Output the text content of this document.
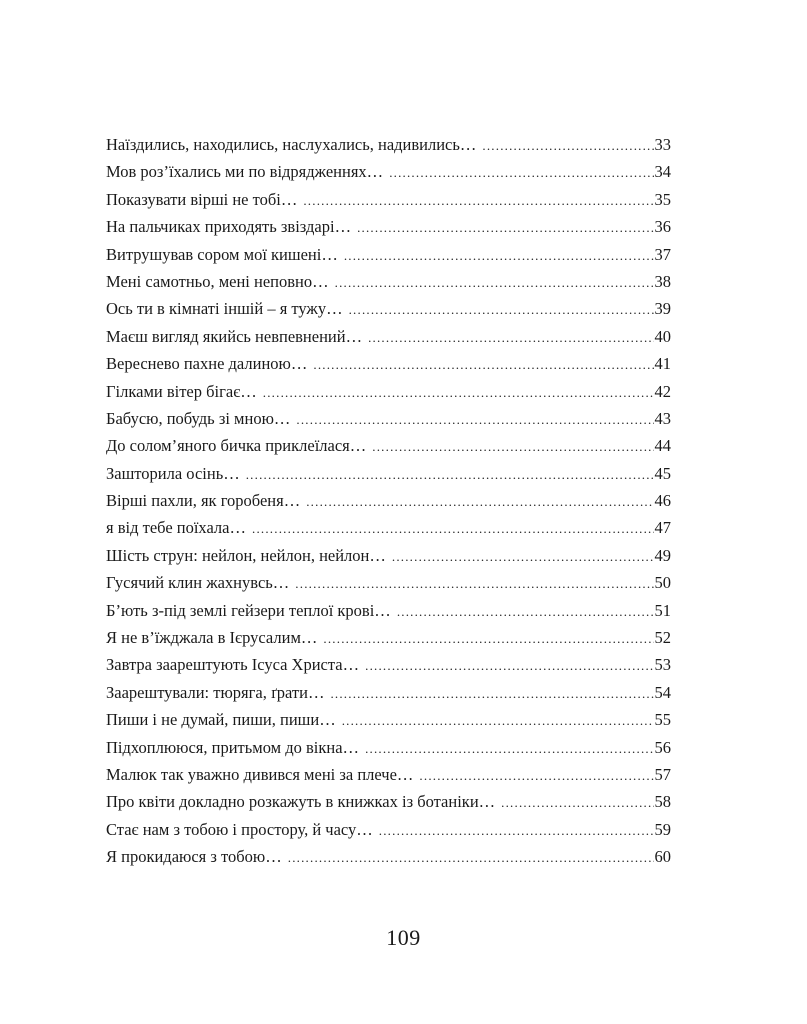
Наїздились, находились, наслухались, надивились… .....	33
Мов роз’їхались ми по відрядженнях… .....	34
Показувати вірші не тобі… .....	35
На пальчиках приходять звіздарі… .....	36
Витрушував сором мої кишені… .....	37
Мені самотньо, мені неповно… .....	38
Ось ти в кімнаті іншій – я тужу… .....	39
Маєш вигляд якийсь невпевнений… .....	40
Вереснево пахне далиною… .....	41
Гілками вітер бігає… .....	42
Бабусю, побудь зі мною… .....	43
До солом’яного бичка приклеїлася… .....	44
Зашторила осінь… .....	45
Вірші пахли, як горобеня… .....	46
я від тебе поїхала… .....	47
Шість струн: нейлон, нейлон, нейлон… .....	49
Гусячий клин жахнувсь… .....	50
Б’ють з-під землі гейзери теплої крові… .....	51
Я не в’їжджала в Ієрусалим… .....	52
Завтра заарештують Ісуса Христа… .....	53
Заарештували: тюряга, ґрати… .....	54
Пиши і не думай, пиши, пиши… .....	55
Підхоплююся, притьмом до вікна… .....	56
Малюк так уважно дивився мені за плече… .....	57
Про квіти докладно розкажуть в книжках із ботаніки… .....	58
Стає нам з тобою і простору, й часу… .....	59
Я прокидаюся з тобою… .....	60
109
